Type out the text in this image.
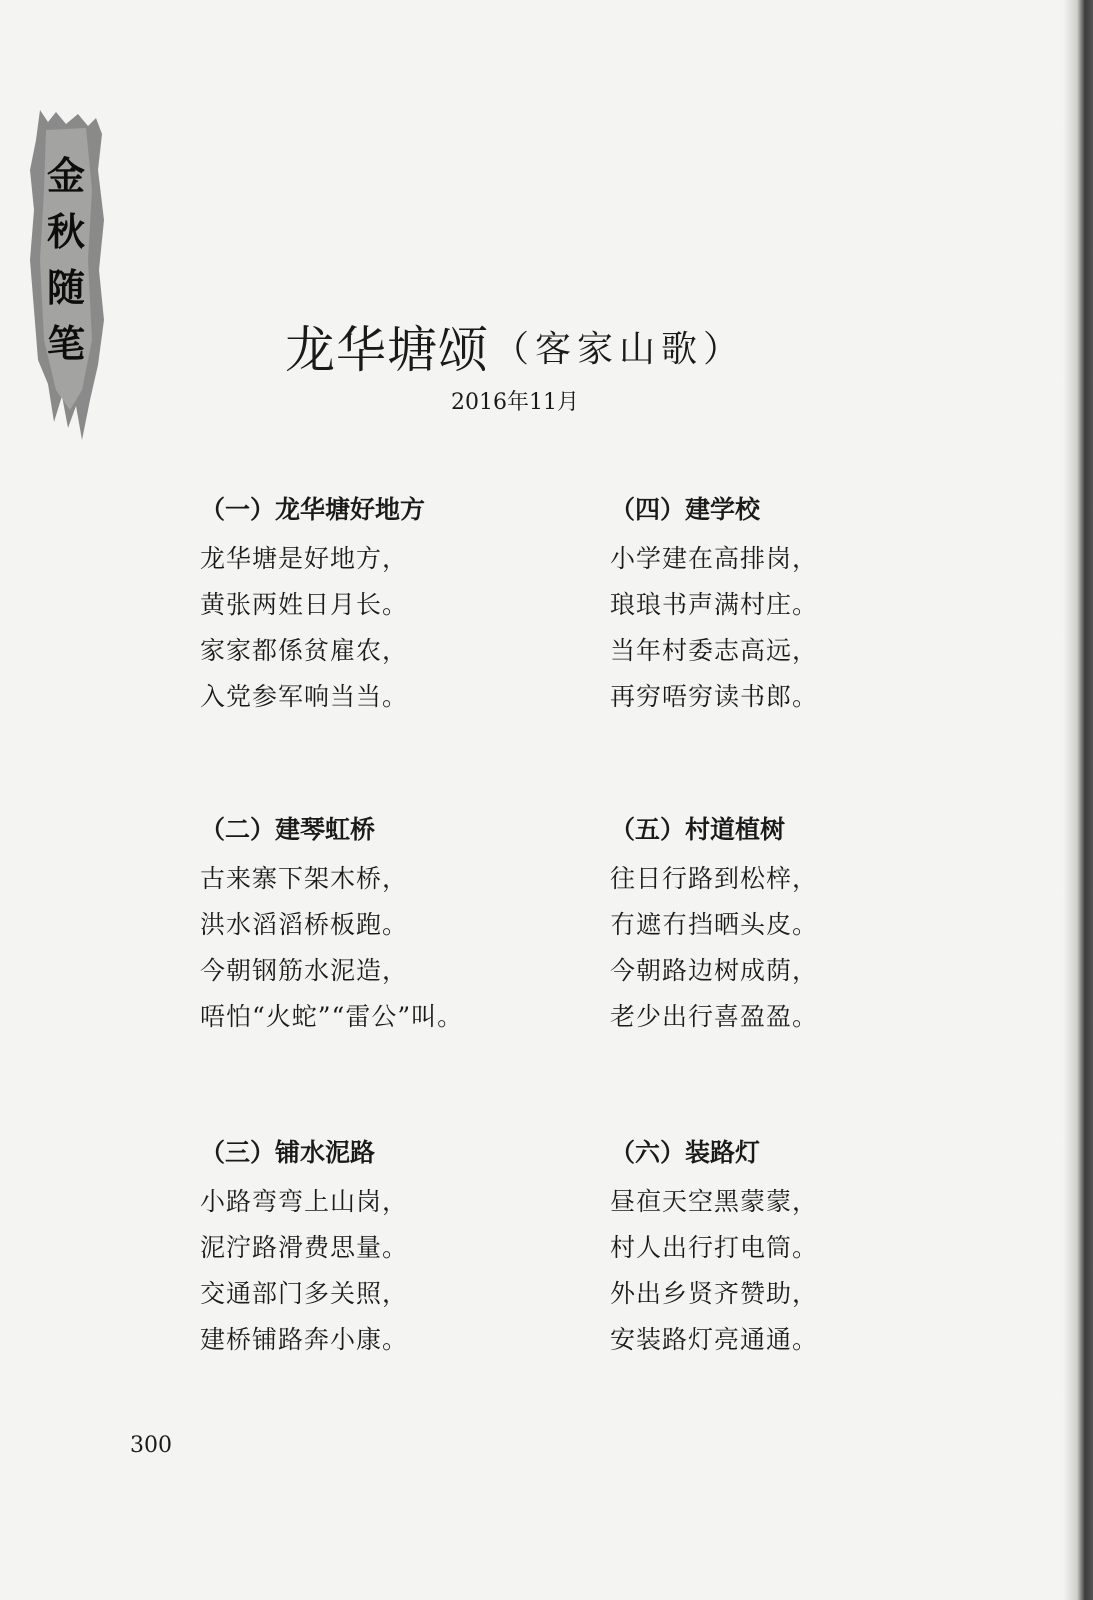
金
秋
随
笔	龙华塘颂 （客家山歌）
2016年11月
（一）龙华塘好地方
龙华塘是好地方，
黄张两姓日月长。
家家都係贫雇农，
入党参军响当当。
（二）建琴虹桥
古来寨下架木桥，
洪水滔滔桥板跑。
今朝钢筋水泥造，
唔怕“火蛇”“雷公”叫。
（三）铺水泥路
小路弯弯上山岗，
泥泞路滑费思量。
交通部门多关照，
建桥铺路奔小康。
（四）建学校
小学建在高排岗，
琅琅书声满村庄。
当年村委志高远，
再穷唔穷读书郎。
（五）村道植树
往日行路到松梓，
冇遮冇挡晒头皮。
今朝路边树成荫，
老少出行喜盈盈。
（六）装路灯
昼亱天空黑蒙蒙，
村人出行打电筒。
外出乡贤齐赞助，
安装路灯亮通通。
300
